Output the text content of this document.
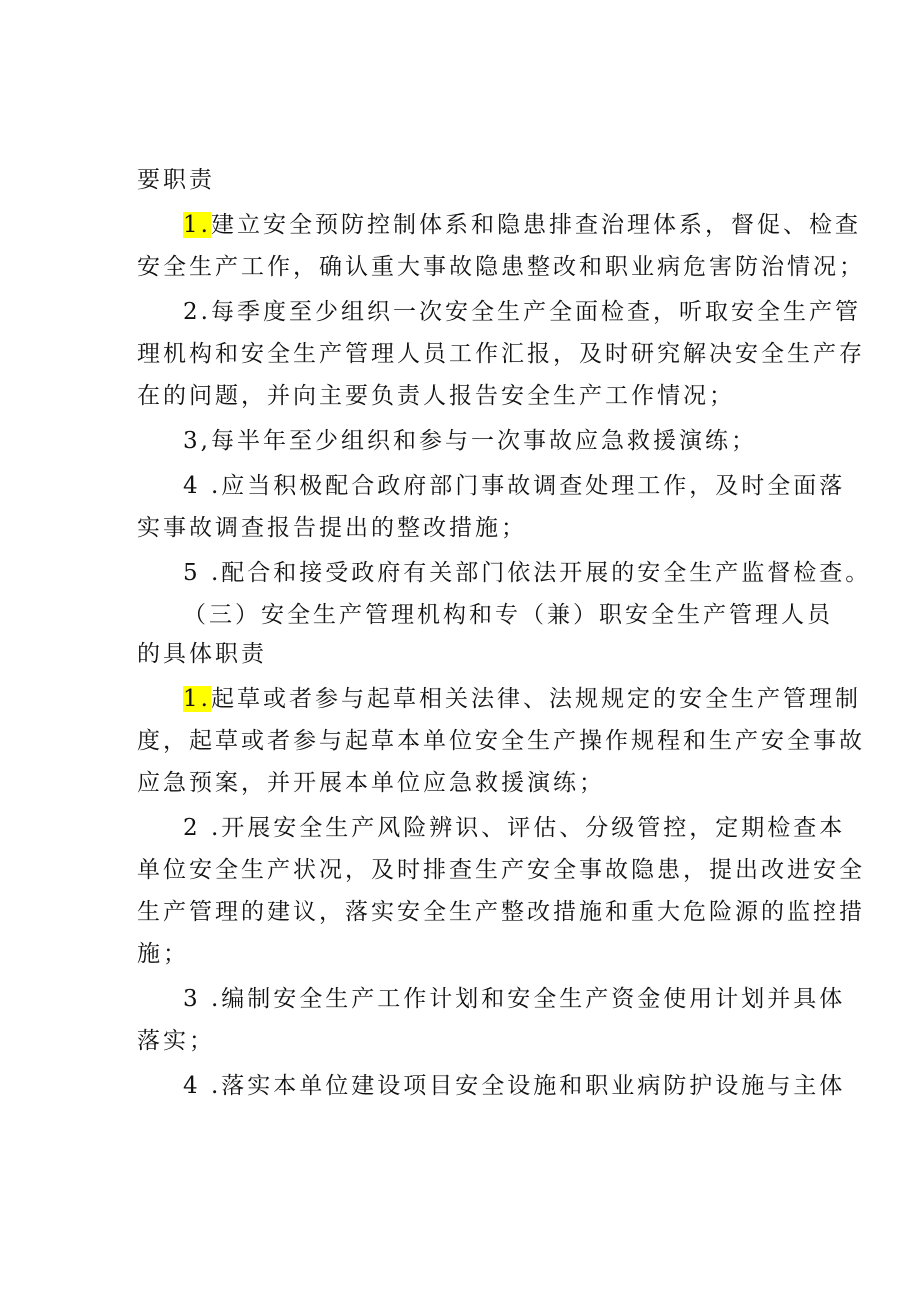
要职责
1.建立安全预防控制体系和隐患排查治理体系，督促、检查
安全生产工作，确认重大事故隐患整改和职业病危害防治情况；
2.每季度至少组织一次安全生产全面检查，听取安全生产管
理机构和安全生产管理人员工作汇报，及时研究解决安全生产存
在的问题，并向主要负责人报告安全生产工作情况；
3,每半年至少组织和参与一次事故应急救援演练；
4 .应当积极配合政府部门事故调查处理工作，及时全面落
实事故调查报告提出的整改措施；
5 .配合和接受政府有关部门依法开展的安全生产监督检查。
（三）安全生产管理机构和专（兼）职安全生产管理人员
的具体职责
1.起草或者参与起草相关法律、法规规定的安全生产管理制
度，起草或者参与起草本单位安全生产操作规程和生产安全事故
应急预案，并开展本单位应急救援演练；
2 .开展安全生产风险辨识、评估、分级管控，定期检查本
单位安全生产状况，及时排查生产安全事故隐患，提出改进安全
生产管理的建议，落实安全生产整改措施和重大危险源的监控措
施；
3 .编制安全生产工作计划和安全生产资金使用计划并具体
落实；
4 .落实本单位建设项目安全设施和职业病防护设施与主体
